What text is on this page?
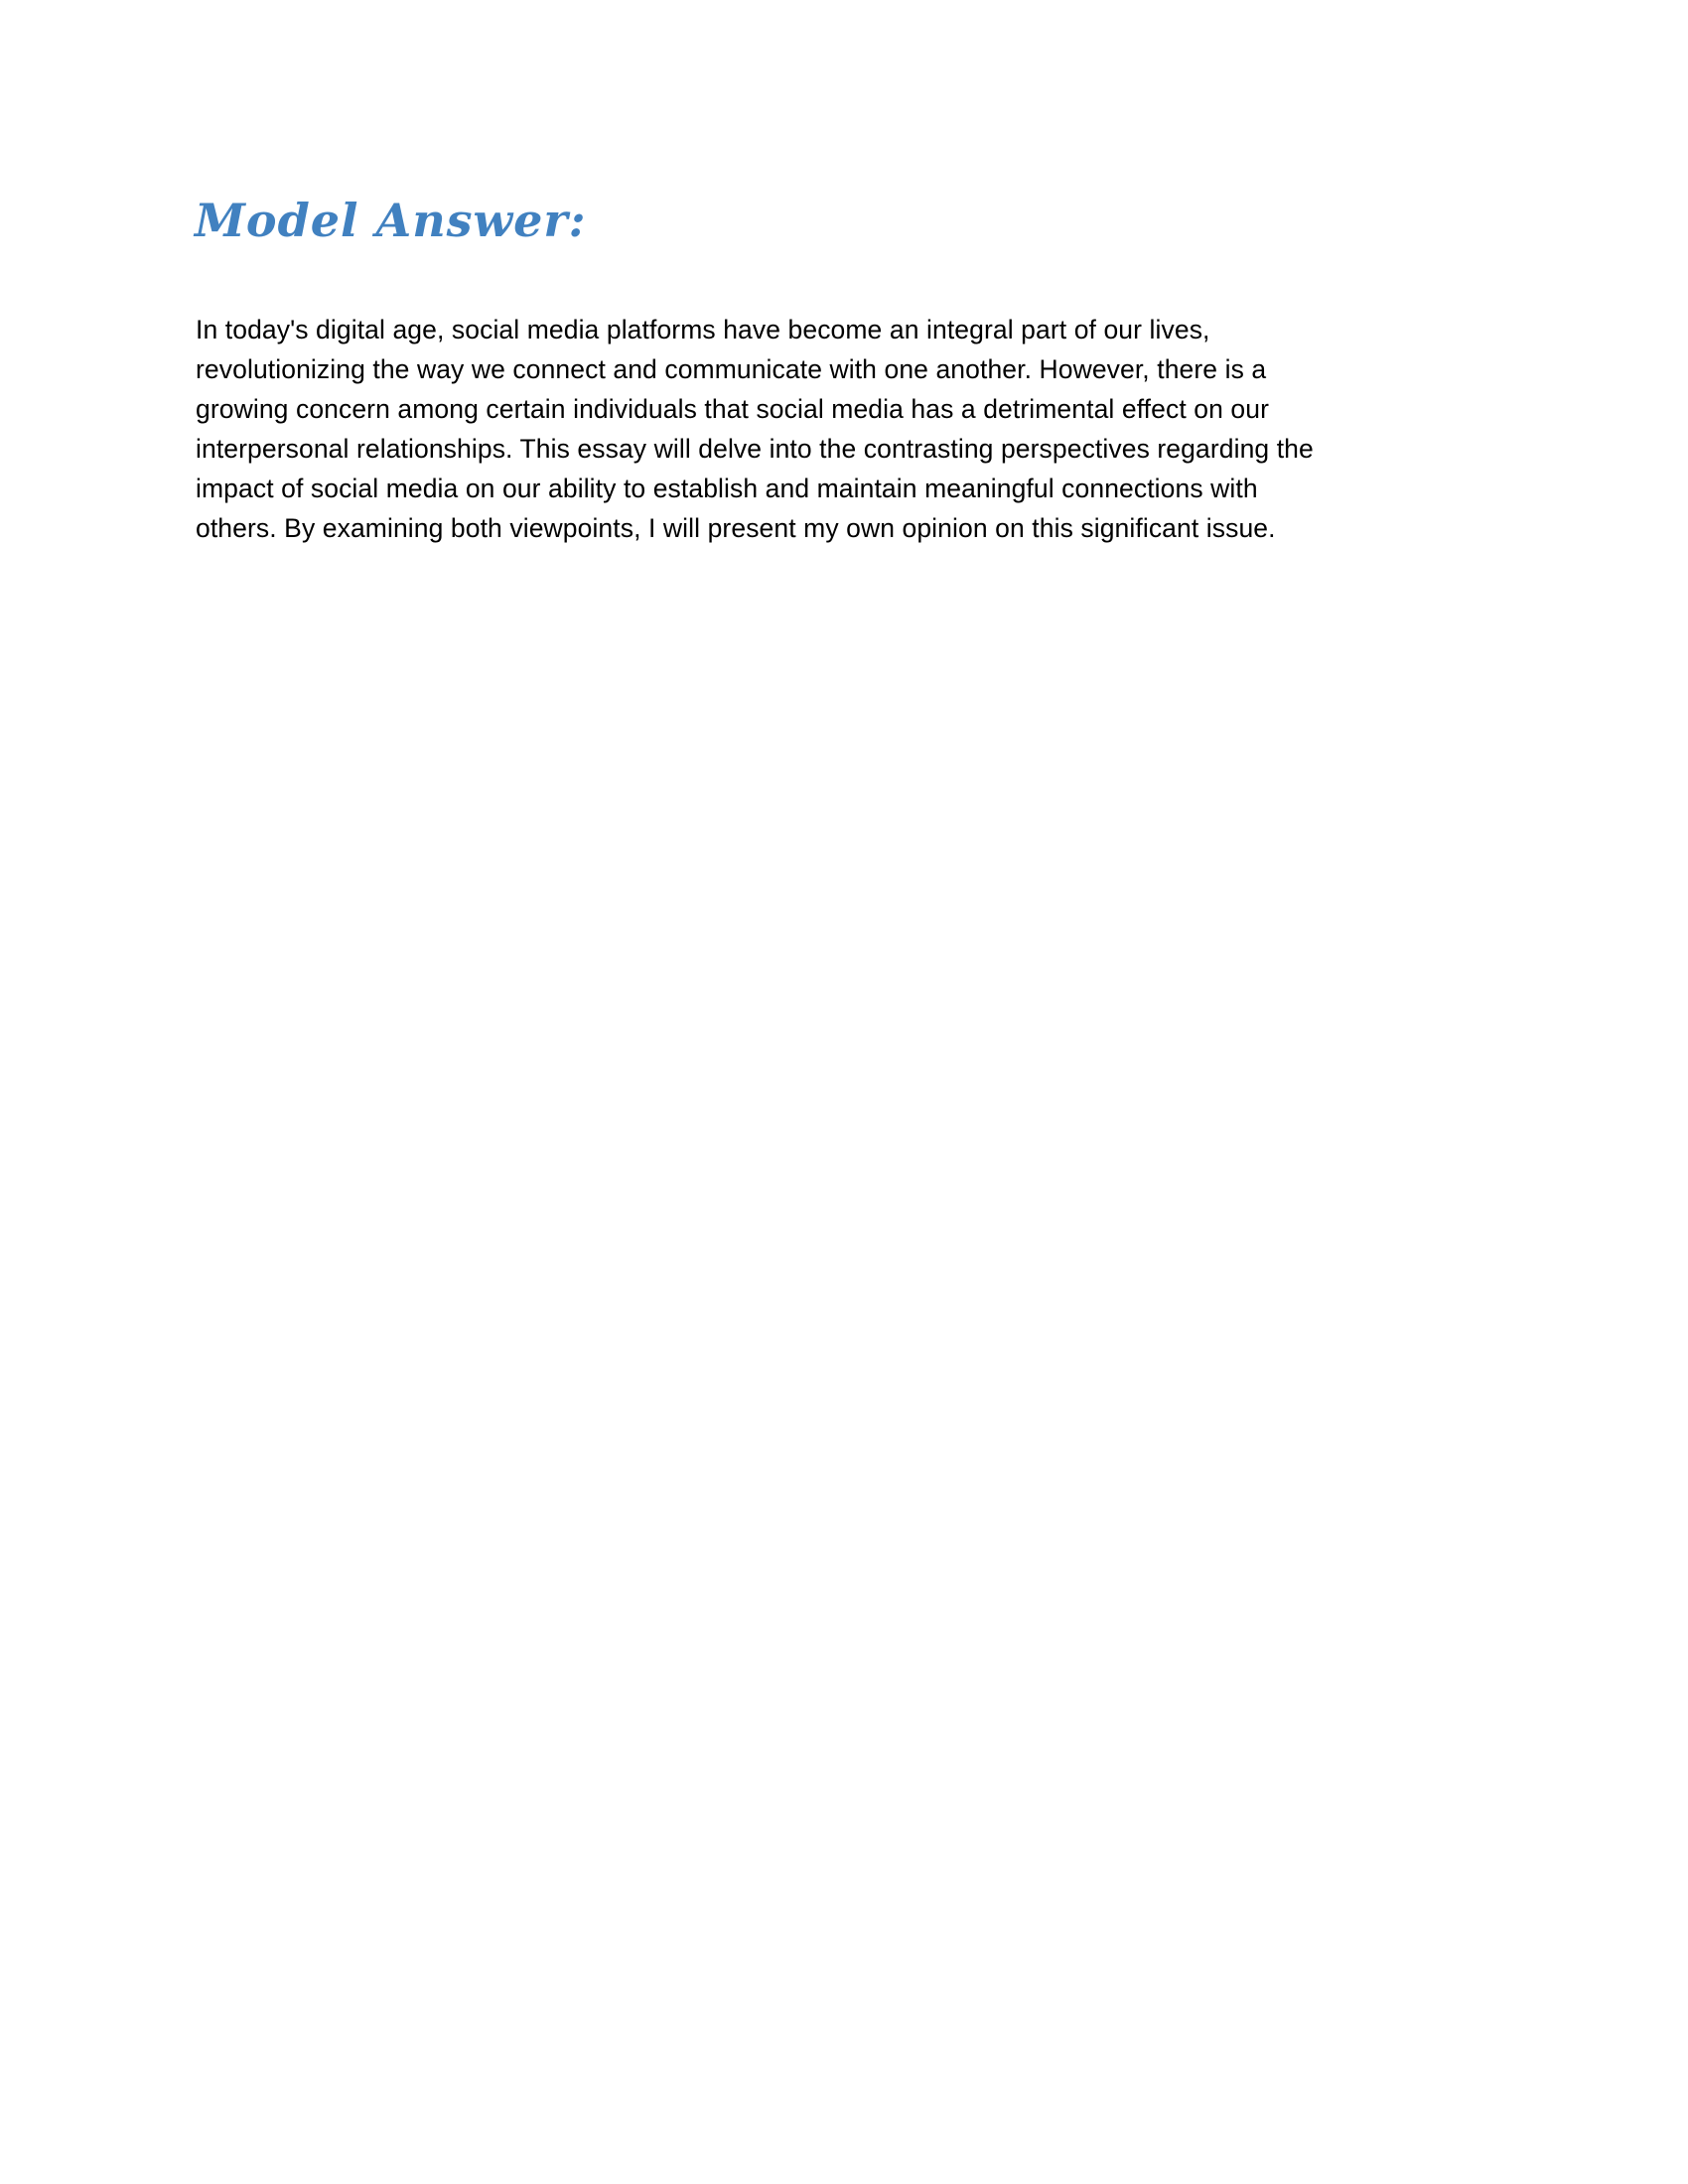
Model Answer:
In today's digital age, social media platforms have become an integral part of our lives,
revolutionizing the way we connect and communicate with one another. However, there is a
growing concern among certain individuals that social media has a detrimental effect on our
interpersonal relationships. This essay will delve into the contrasting perspectives regarding the
impact of social media on our ability to establish and maintain meaningful connections with
others. By examining both viewpoints, I will present my own opinion on this significant issue.
